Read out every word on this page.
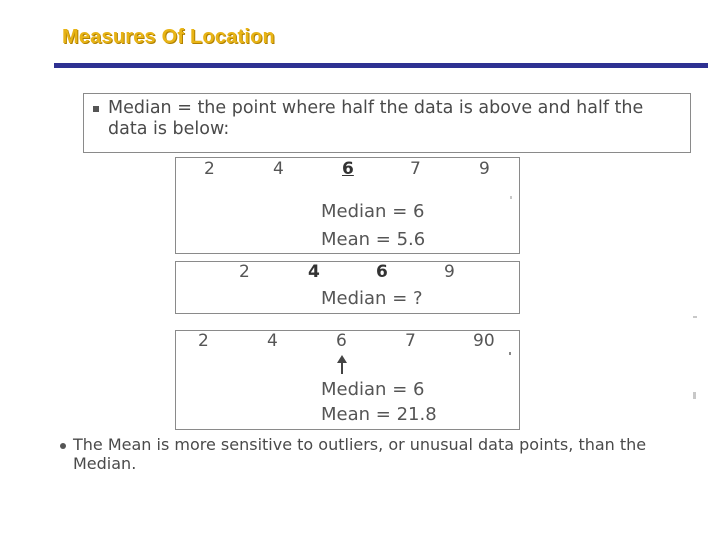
Measures Of Location
Median = the point where half the data is above and half the data is below:
2	4	6	7	9
Median = 6
Mean = 5.6
2	4	6	9
Median = ?
2	4	6	7	90
Median = 6
Mean = 21.8
The Mean is more sensitive to outliers, or unusual data points, than the Median.
